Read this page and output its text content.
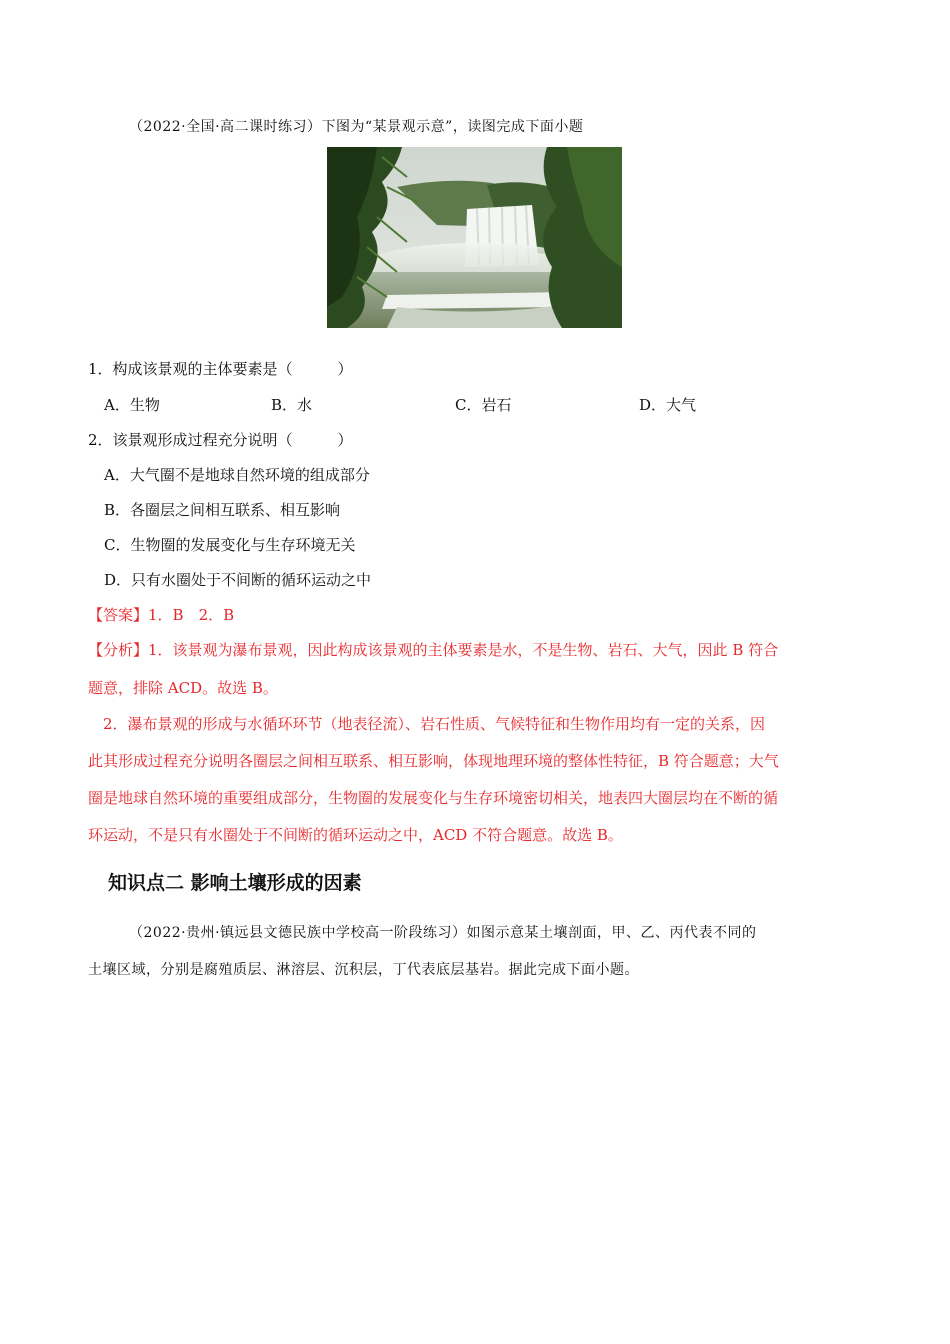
（2022·全国·高二课时练习）下图为“某景观示意”，读图完成下面小题
1．构成该景观的主体要素是（　　　）
A．生物	B．水	C．岩石	D．大气
2．该景观形成过程充分说明（　　　）
A．大气圈不是地球自然环境的组成部分
B．各圈层之间相互联系、相互影响
C．生物圈的发展变化与生存环境无关
D．只有水圈处于不间断的循环运动之中
【答案】1．B　2．B
【分析】1．该景观为瀑布景观，因此构成该景观的主体要素是水，不是生物、岩石、大气，因此 B 符合
题意，排除 ACD。故选 B。
2．瀑布景观的形成与水循环环节（地表径流）、岩石性质、气候特征和生物作用均有一定的关系，因
此其形成过程充分说明各圈层之间相互联系、相互影响，体现地理环境的整体性特征，B 符合题意；大气
圈是地球自然环境的重要组成部分，生物圈的发展变化与生存环境密切相关，地表四大圈层均在不断的循
环运动，不是只有水圈处于不间断的循环运动之中，ACD 不符合题意。故选 B。
知识点二 影响土壤形成的因素
（2022·贵州·镇远县文德民族中学校高一阶段练习）如图示意某土壤剖面，甲、乙、丙代表不同的
土壤区域，分别是腐殖质层、淋溶层、沉积层，丁代表底层基岩。据此完成下面小题。
